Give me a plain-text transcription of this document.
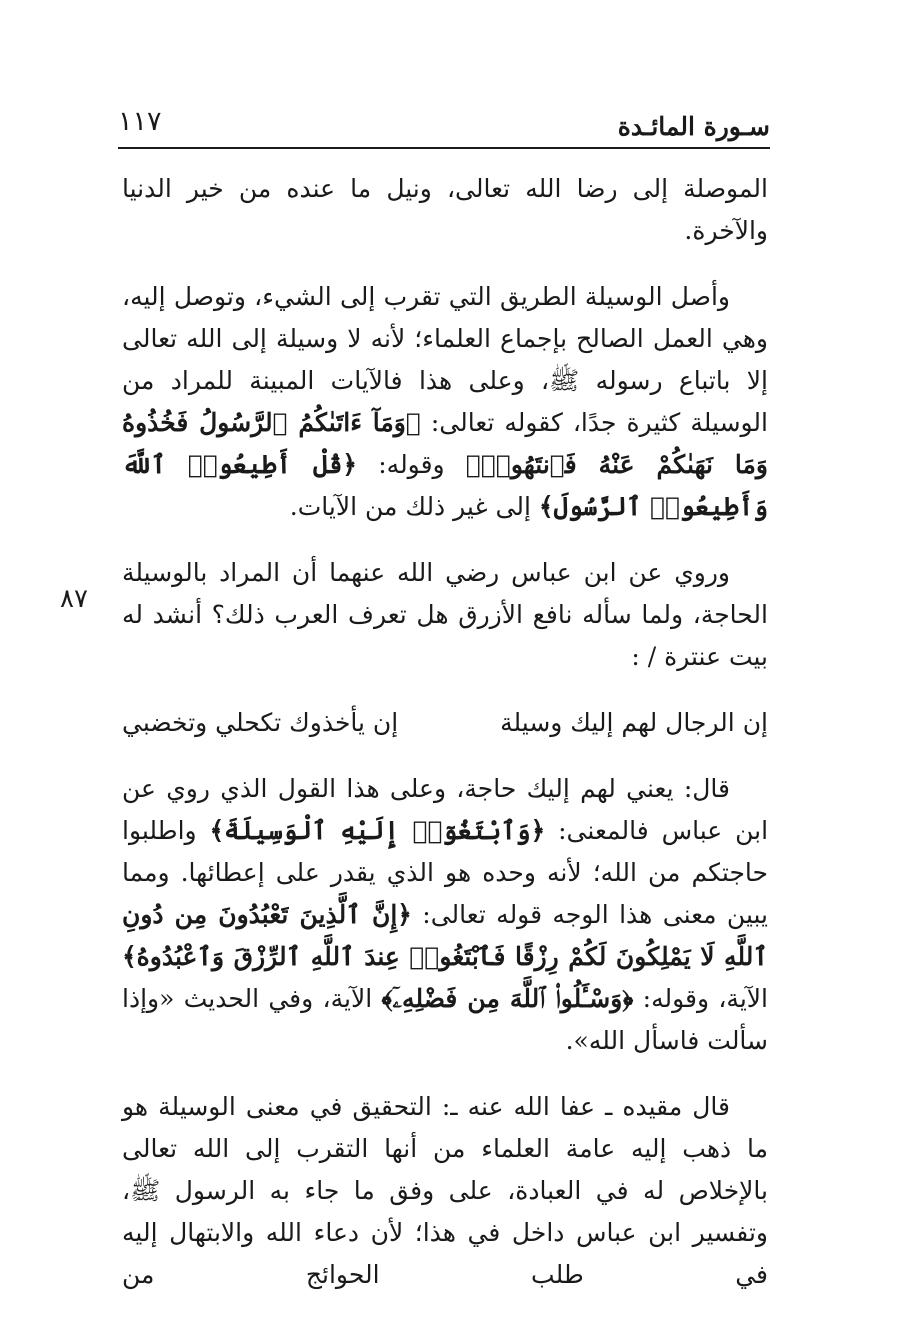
سـورة المائـدة
١١٧
٨٧

الموصلة إلى رضا الله تعالى، ونيل ما عنده من خير الدنيا والآخرة.

وأصل الوسيلة الطريق التي تقرب إلى الشيء، وتوصل إليه، وهي العمل الصالح بإجماع العلماء؛ لأنه لا وسيلة إلى الله تعالى إلا باتباع رسوله ﷺ، وعلى هذا فالآيات المبينة للمراد من الوسيلة كثيرة جدًا، كقوله تعالى: ﴿وَمَآ ءَاتَىٰكُمُ ٱلرَّسُولُ فَخُذُوهُ وَمَا نَهَىٰكُمْ عَنْهُ فَٱنتَهُوا۟﴾ وقوله: ﴿قُلْ أَطِيعُوا۟ ٱللَّهَ وَأَطِيعُوا۟ ٱلرَّسُولَ﴾ إلى غير ذلك من الآيات.

وروي عن ابن عباس رضي الله عنهما أن المراد بالوسيلة الحاجة، ولما سأله نافع الأزرق هل تعرف العرب ذلك؟ أنشد له بيت عنترة / :

إن الرجال لهم إليك وسيلة
إن يأخذوك تكحلي وتخضبي

قال: يعني لهم إليك حاجة، وعلى هذا القول الذي روي عن ابن عباس فالمعنى: ﴿وَٱبْتَغُوٓا۟ إِلَيْهِ ٱلْوَسِيلَةَ﴾ واطلبوا حاجتكم من الله؛ لأنه وحده هو الذي يقدر على إعطائها. ومما يبين معنى هذا الوجه قوله تعالى: ﴿إِنَّ ٱلَّذِينَ تَعْبُدُونَ مِن دُونِ ٱللَّهِ لَا يَمْلِكُونَ لَكُمْ رِزْقًا فَٱبْتَغُوا۟ عِندَ ٱللَّهِ ٱلرِّزْقَ وَٱعْبُدُوهُ﴾ الآية، وقوله: ﴿وَسْـَٔلُوا۟ ٱللَّهَ مِن فَضْلِهِۦٓ﴾ الآية، وفي الحديث «وإذا سألت فاسأل الله».

قال مقيده ـ عفا الله عنه ـ: التحقيق في معنى الوسيلة هو ما ذهب إليه عامة العلماء من أنها التقرب إلى الله تعالى بالإخلاص له في العبادة، على وفق ما جاء به الرسول ﷺ، وتفسير ابن عباس داخل في هذا؛ لأن دعاء الله والابتهال إليه في طلب الحوائج من
